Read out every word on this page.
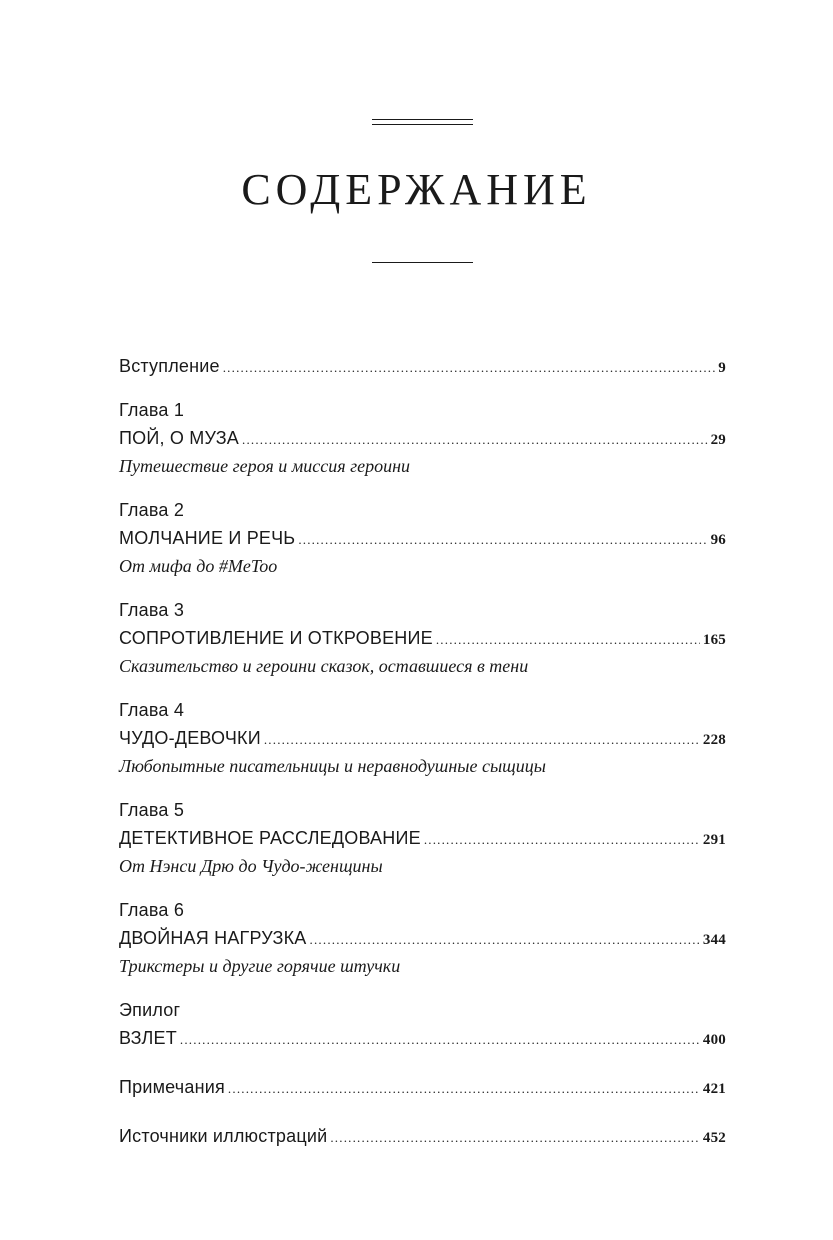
СОДЕРЖАНИЕ
Вступление .....	9
Глава 1
ПОЙ, О МУЗА .....	29
Путешествие героя и миссия героини
Глава 2
МОЛЧАНИЕ И РЕЧЬ .....	96
От мифа до #MeToo
Глава 3
СОПРОТИВЛЕНИЕ И ОТКРОВЕНИЕ .....	165
Сказительство и героини сказок, оставшиеся в тени
Глава 4
ЧУДО-ДЕВОЧКИ .....	228
Любопытные писательницы и неравнодушные сыщицы
Глава 5
ДЕТЕКТИВНОЕ РАССЛЕДОВАНИЕ .....	291
От Нэнси Дрю до Чудо-женщины
Глава 6
ДВОЙНАЯ НАГРУЗКА .....	344
Трикстеры и другие горячие штучки
Эпилог
ВЗЛЕТ .....	400
Примечания .....	421
Источники иллюстраций .....	452
